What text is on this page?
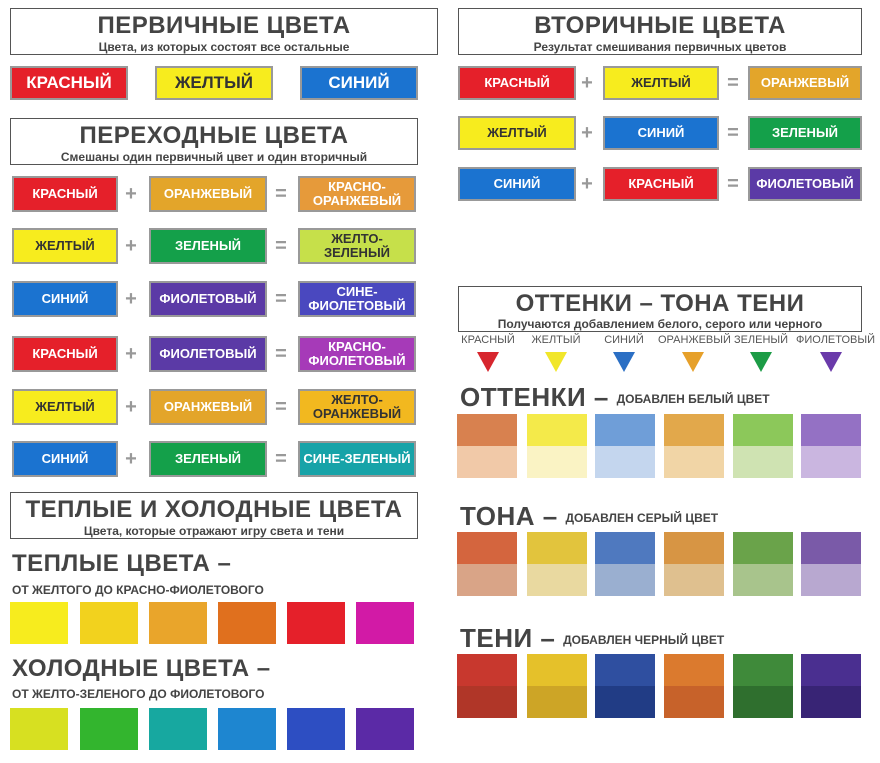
ПЕРВИЧНЫЕ ЦВЕТА
Цвета, из которых состоят все остальные
КРАСНЫЙ	ЖЕЛТЫЙ	СИНИЙ
ВТОРИЧНЫЕ ЦВЕТА
Результат смешивания первичных цветов
КРАСНЫЙ	+	ЖЕЛТЫЙ	=	ОРАНЖЕВЫЙ
ЖЕЛТЫЙ	+	СИНИЙ	=	ЗЕЛЕНЫЙ
СИНИЙ	+	КРАСНЫЙ	=	ФИОЛЕТОВЫЙ
ПЕРЕХОДНЫЕ ЦВЕТА
Смешаны один первичный цвет и один вторичный
КРАСНЫЙ	+	ОРАНЖЕВЫЙ	=	КРАСНО-ОРАНЖЕВЫЙ
ЖЕЛТЫЙ	+	ЗЕЛЕНЫЙ	=	ЖЕЛТО-ЗЕЛЕНЫЙ
СИНИЙ	+	ФИОЛЕТОВЫЙ =	СИНЕ-ФИОЛЕТОВЫЙ
КРАСНЫЙ	+	ФИОЛЕТОВЫЙ =	КРАСНО-ФИОЛЕТОВЫЙ
ЖЕЛТЫЙ	+	ОРАНЖЕВЫЙ	=	ЖЕЛТО-ОРАНЖЕВЫЙ
СИНИЙ	+	ЗЕЛЕНЫЙ	=	СИНЕ-ЗЕЛЕНЫЙ
ТЕПЛЫЕ И ХОЛОДНЫЕ ЦВЕТА
Цвета, которые отражают игру света и тени
ТЕПЛЫЕ ЦВЕТА –
ОТ ЖЕЛТОГО ДО КРАСНО-ФИОЛЕТОВОГО
ХОЛОДНЫЕ ЦВЕТА –
ОТ ЖЕЛТО-ЗЕЛЕНОГО ДО ФИОЛЕТОВОГО
ОТТЕНКИ – ТОНА ТЕНИ
Получаются добавлением белого, серого или черного
КРАСНЫЙ	ЖЕЛТЫЙ	СИНИЙ	ОРАНЖЕВЫЙ ЗЕЛЕНЫЙ ФИОЛЕТОВЫЙ
ОТТЕНКИ – ДОБАВЛЕН БЕЛЫЙ ЦВЕТ
ТОНА – ДОБАВЛЕН СЕРЫЙ ЦВЕТ
ТЕНИ – ДОБАВЛЕН ЧЕРНЫЙ ЦВЕТ
